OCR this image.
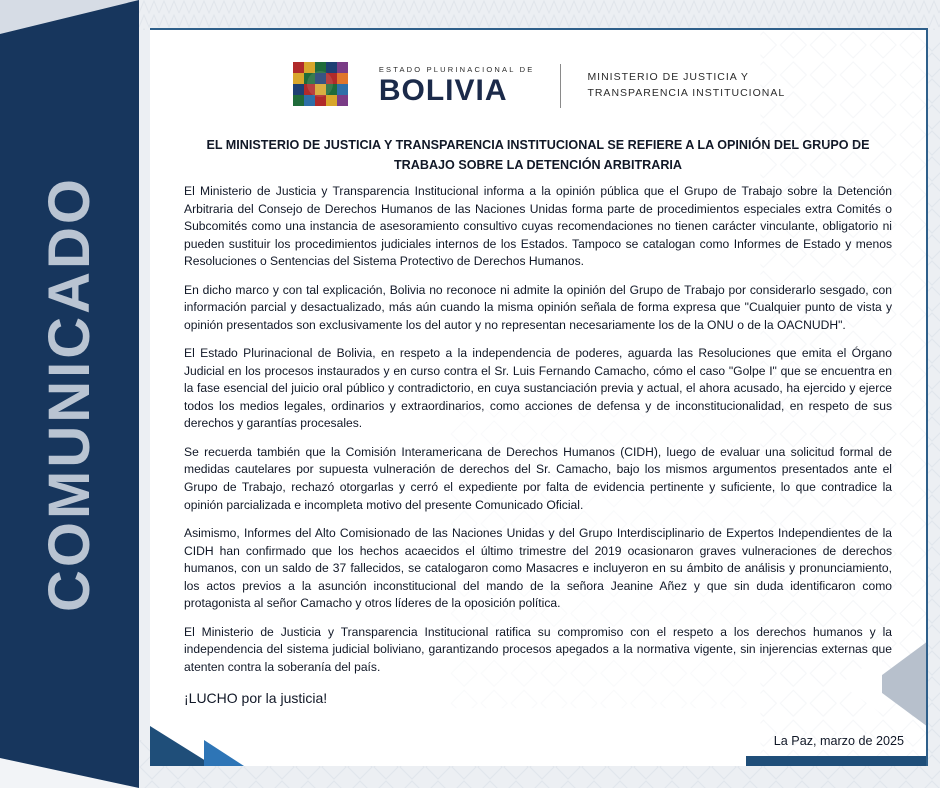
COMUNICADO
ESTADO PLURINACIONAL DE
BOLIVIA	MINISTERIO DE JUSTICIA Y
TRANSPARENCIA INSTITUCIONAL
EL MINISTERIO DE JUSTICIA Y TRANSPARENCIA INSTITUCIONAL SE REFIERE A LA OPINIÓN DEL GRUPO DE TRABAJO SOBRE LA DETENCIÓN ARBITRARIA

El Ministerio de Justicia y Transparencia Institucional informa a la opinión pública que el Grupo de Trabajo sobre la Detención Arbitraria del Consejo de Derechos Humanos de las Naciones Unidas forma parte de procedimientos especiales extra Comités o Subcomités como una instancia de asesoramiento consultivo cuyas recomendaciones no tienen carácter vinculante, obligatorio ni pueden sustituir los procedimientos judiciales internos de los Estados. Tampoco se catalogan como Informes de Estado y menos Resoluciones o Sentencias del Sistema Protectivo de Derechos Humanos.

En dicho marco y con tal explicación, Bolivia no reconoce ni admite la opinión del Grupo de Trabajo por considerarlo sesgado, con información parcial y desactualizado, más aún cuando la misma opinión señala de forma expresa que "Cualquier punto de vista y opinión presentados son exclusivamente los del autor y no representan necesariamente los de la ONU o de la OACNUDH".

El Estado Plurinacional de Bolivia, en respeto a la independencia de poderes, aguarda las Resoluciones que emita el Órgano Judicial en los procesos instaurados y en curso contra el Sr. Luis Fernando Camacho, cómo el caso "Golpe I" que se encuentra en la fase esencial del juicio oral público y contradictorio, en cuya sustanciación previa y actual, el ahora acusado, ha ejercido y ejerce todos los medios legales, ordinarios y extraordinarios, como acciones de defensa y de inconstitucionalidad, en respeto de sus derechos y garantías procesales.

Se recuerda también que la Comisión Interamericana de Derechos Humanos (CIDH), luego de evaluar una solicitud formal de medidas cautelares por supuesta vulneración de derechos del Sr. Camacho, bajo los mismos argumentos presentados ante el Grupo de Trabajo, rechazó otorgarlas y cerró el expediente por falta de evidencia pertinente y suficiente, lo que contradice la opinión parcializada e incompleta motivo del presente Comunicado Oficial.

Asimismo, Informes del Alto Comisionado de las Naciones Unidas y del Grupo Interdisciplinario de Expertos Independientes de la CIDH han confirmado que los hechos acaecidos el último trimestre del 2019 ocasionaron graves vulneraciones de derechos humanos, con un saldo de 37 fallecidos, se catalogaron como Masacres e incluyeron en su ámbito de análisis y pronunciamiento, los actos previos a la asunción inconstitucional del mando de la señora Jeanine Añez y que sin duda identificaron como protagonista al señor Camacho y otros líderes de la oposición política.

El Ministerio de Justicia y Transparencia Institucional ratifica su compromiso con el respeto a los derechos humanos y la independencia del sistema judicial boliviano, garantizando procesos apegados a la normativa vigente, sin injerencias externas que atenten contra la soberanía del país.

¡LUCHO por la justicia!
La Paz, marzo de 2025
